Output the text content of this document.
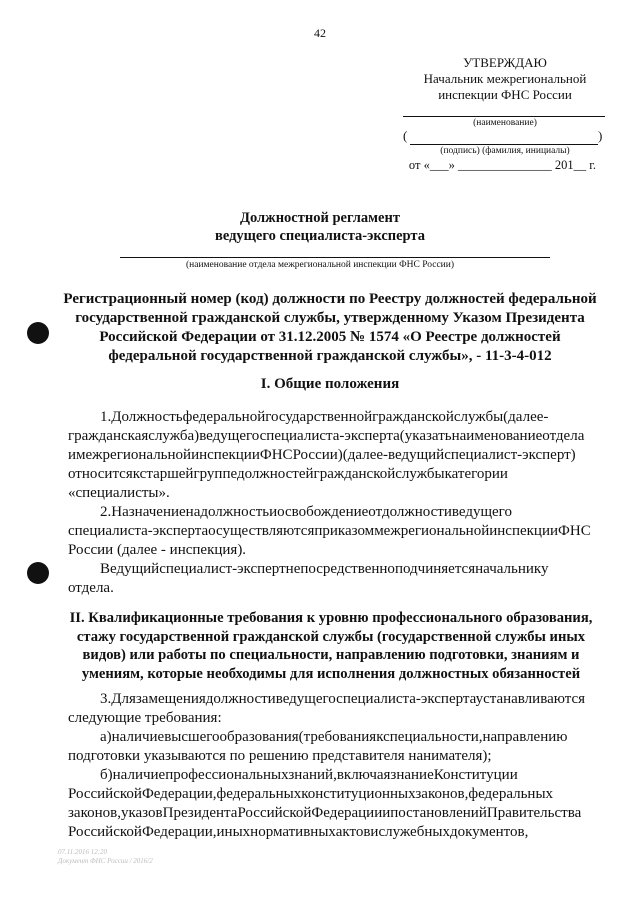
42
УТВЕРЖДАЮ
Начальник межрегиональной
инспекции ФНС России
(наименование)
(	)
(подпись) (фамилия, инициалы)
от «___» _______________ 201__ г.
Должностной регламент
ведущего специалиста-эксперта
(наименование отдела межрегиональной инспекции ФНС России)
Регистрационный номер (код) должности по Реестру должностей федеральной
государственной гражданской службы, утвержденному Указом Президента
Российской Федерации от 31.12.2005 № 1574 «О Реестре должностей
федеральной государственной гражданской службы», - 11-3-4-012
I. Общие положения
1.Должностьфедеральнойгосударственнойгражданскойслужбы(далее-
гражданскаяслужба)ведущегоспециалиста-эксперта(указатьнаименованиеотдела
имежрегиональнойинспекцииФНСРоссии)(далее-ведущийспециалист-эксперт)
относитсякстаршейгруппедолжностейгражданскойслужбыкатегории
«специалисты».
2.Назначениенадолжностьиосвобождениеотдолжностиведущего
специалиста-экспертаосуществляютсяприказоммежрегиональнойинспекцииФНС
России (далее - инспекция).
Ведущийспециалист-экспертнепосредственноподчиняетсяначальнику
отдела.
II. Квалификационные требования к уровню профессионального образования,
стажу государственной гражданской службы (государственной службы иных
видов) или работы по специальности, направлению подготовки, знаниям и
умениям, которые необходимы для исполнения должностных обязанностей
3.Длязамещениядолжностиведущегоспециалиста-экспертаустанавливаются
следующие требования:
а)наличиевысшегообразования(требованиякспециальности,направлению
подготовки указываются по решению представителя нанимателя);
б)наличиепрофессиональныхзнаний,включаязнаниеКонституции
РоссийскойФедерации,федеральныхконституционныхзаконов,федеральных
законов,указовПрезидентаРоссийскойФедерацииипостановленийПравительства
РоссийскойФедерации,иныхнормативныхактовислужебныхдокументов,
07.11.2016 12:20
Документ ФНС России / 2016/2
